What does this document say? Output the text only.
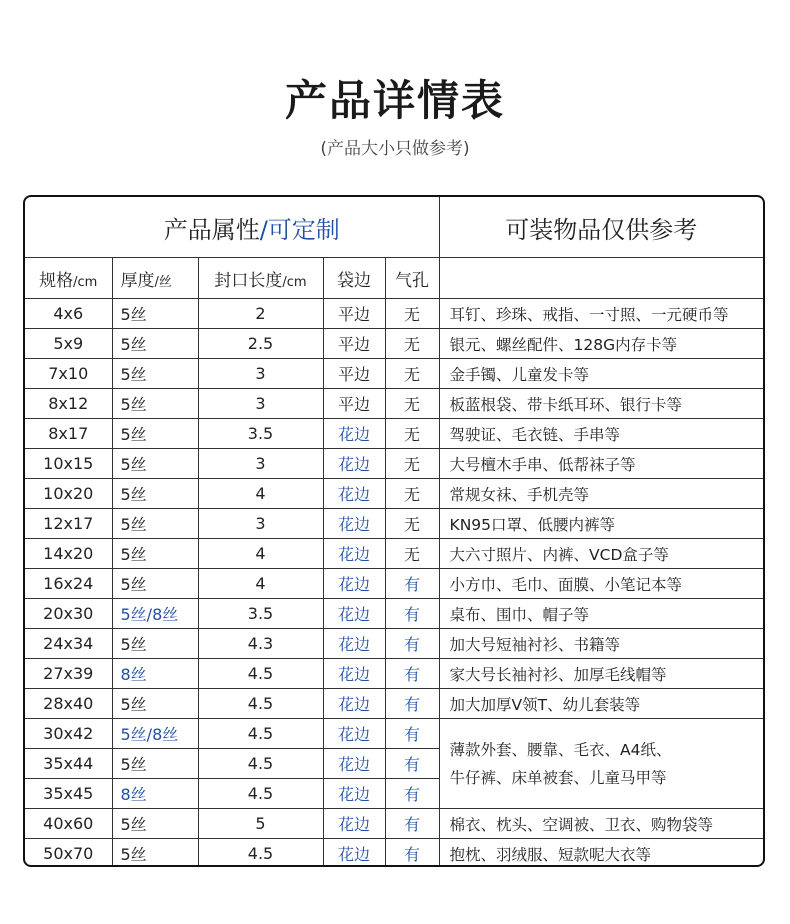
产品详情表
(产品大小只做参考)
产品属性/可定制					可装物品仅供参考
规格/cm	厚度/丝	封口长度/cm	袋边	气孔	
4x6	5丝	2	平边	无	耳钉、珍珠、戒指、一寸照、一元硬币等
5x9	5丝	2.5	平边	无	银元、螺丝配件、128G内存卡等
7x10	5丝	3	平边	无	金手镯、儿童发卡等
8x12	5丝	3	平边	无	板蓝根袋、带卡纸耳环、银行卡等
8x17	5丝	3.5	花边	无	驾驶证、毛衣链、手串等
10x15	5丝	3	花边	无	大号檀木手串、低帮袜子等
10x20	5丝	4	花边	无	常规女袜、手机壳等
12x17	5丝	3	花边	无	KN95口罩、低腰内裤等
14x20	5丝	4	花边	无	大六寸照片、内裤、VCD盒子等
16x24	5丝	4	花边	有	小方巾、毛巾、面膜、小笔记本等
20x30	5丝/8丝	3.5	花边	有	桌布、围巾、帽子等
24x34	5丝	4.3	花边	有	加大号短袖衬衫、书籍等
27x39	8丝	4.5	花边	有	家大号长袖衬衫、加厚毛线帽等
28x40	5丝	4.5	花边	有	加大加厚V领T、幼儿套装等
30x42	5丝/8丝	4.5	花边	有	薄款外套、腰靠、毛衣、A4纸、
牛仔裤、床单被套、儿童马甲等

35x44	5丝	4.5	花边	有	
35x45	8丝	4.5	花边	有	
40x60	5丝	5	花边	有	棉衣、枕头、空调被、卫衣、购物袋等
50x70	5丝	4.5	花边	有	抱枕、羽绒服、短款呢大衣等
